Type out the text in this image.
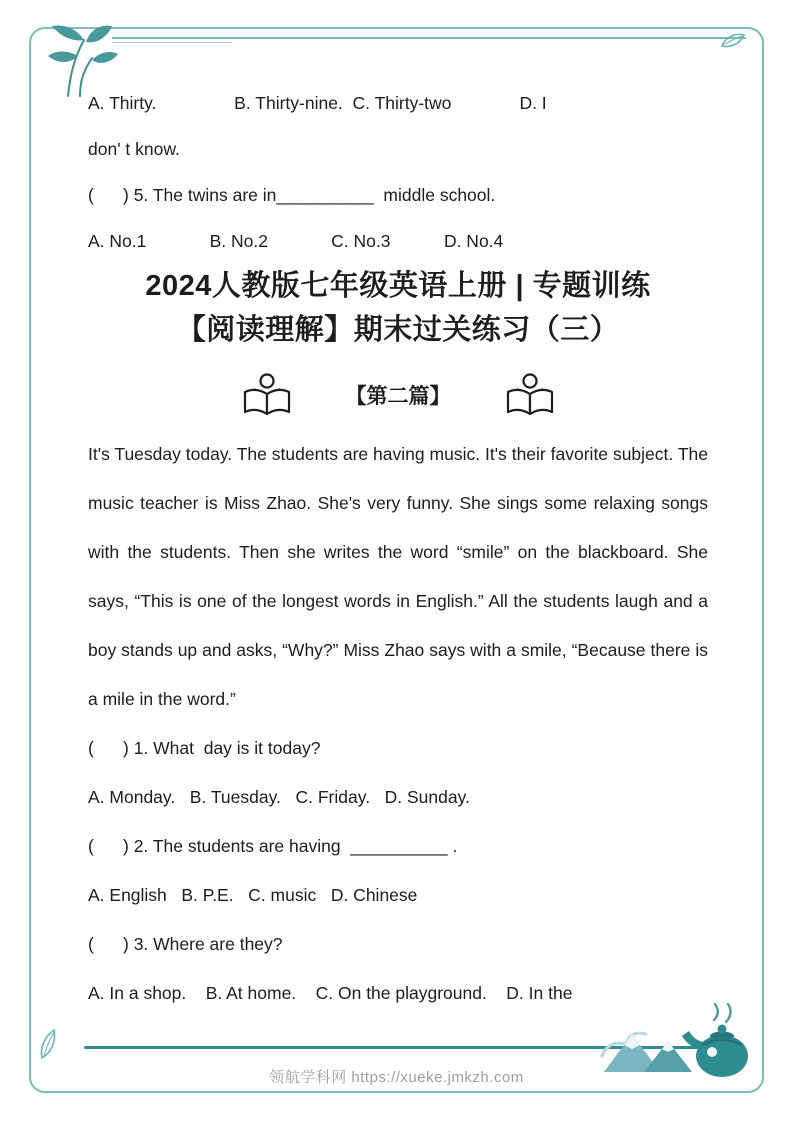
A. Thirty.                B. Thirty-nine.  C. Thirty-two              D. I

don' t know.

(      ) 5. The twins are in__________  middle school.

A. No.1             B. No.2             C. No.3           D. No.4

2024人教版七年级英语上册 | 专题训练
【阅读理解】期末过关练习（三）
【第二篇】

It's Tuesday today. The students are having music. It's their favorite subject. The music teacher is Miss Zhao. She's very funny. She sings some relaxing songs with the students. Then she writes the word “smile” on the blackboard. She says, “This is one of the longest words in English.” All the students laugh and a boy stands up and asks, “Why?” Miss Zhao says with a smile, “Because there is a mile in the word.”

(      ) 1. What  day is it today?

A. Monday.   B. Tuesday.   C. Friday.   D. Sunday.

(      ) 2. The students are having  __________ .

A. English   B. P.E.   C. music   D. Chinese

(      ) 3. Where are they?

A. In a shop.    B. At home.    C. On the playground.    D. In the

领航学科网 https://xueke.jmkzh.com
